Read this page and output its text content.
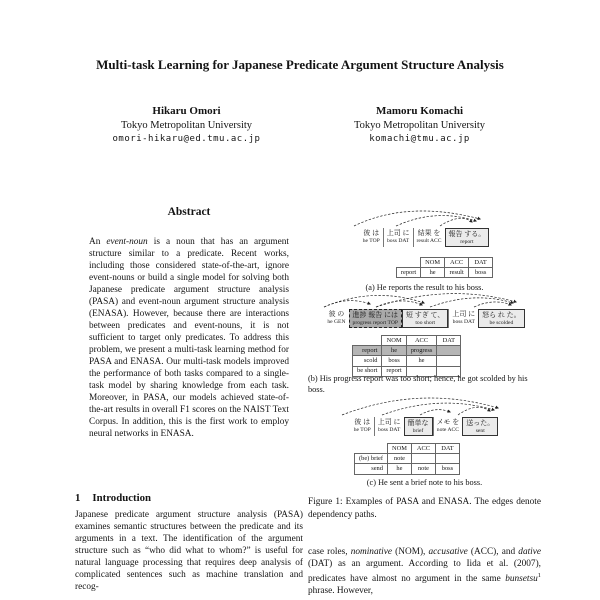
Multi-task Learning for Japanese Predicate Argument Structure Analysis
Hikaru Omori
Tokyo Metropolitan University
omori-hikaru@ed.tmu.ac.jp
Mamoru Komachi
Tokyo Metropolitan University
komachi@tmu.ac.jp
Abstract
An event-noun is a noun that has an argument structure similar to a predicate. Recent works, including those considered state-of-the-art, ignore event-nouns or build a single model for solving both Japanese predicate argument structure analysis (PASA) and event-noun argument structure analysis (ENASA). However, because there are interactions between predicates and event-nouns, it is not sufficient to target only predicates. To address this problem, we present a multi-task learning method for PASA and ENASA. Our multi-task models improved the performance of both tasks compared to a single-task model by sharing knowledge from each task. Moreover, in PASA, our models achieved state-of-the-art results in overall F1 scores on the NAIST Text Corpus. In addition, this is the first work to employ neural networks in ENASA.
1 Introduction
Japanese predicate argument structure analysis (PASA) examines semantic structures between the predicate and its arguments in a text. The identification of the argument structure such as “who did what to whom?” is useful for natural language processing that requires deep analysis of complicated sentences such as machine translation and recog-
彼 は
he TOP
上司 に
boss DAT
結果 を
result ACC
報告 する。
report
	NOM	ACC	DAT
report	he	result	boss
(a) He reports the result to his boss.
彼 の
he GEN
進捗 報告 には
progress report TOP
短 すぎ て、
too short
上司 に
boss DAT
怒ら れ た。
be scolded
	NOM	ACC	DAT
report	he	progress	
scold	boss	he	
be short	report		
(b) His progress report was too short; hence, he got scolded by his boss.
彼 は
he TOP
上司 に
boss DAT
簡単な
brief
メモ を
note ACC
送った。
sent
	NOM	ACC	DAT
(be) brief	note		
send	he	note	boss
(c) He sent a brief note to his boss.
Figure 1: Examples of PASA and ENASA. The edges denote dependency paths.
case roles, nominative (NOM), accusative (ACC), and dative (DAT) as an argument. According to Iida et al. (2007), predicates have almost no argument in the same bunsetsu$^1$ phrase. However,
